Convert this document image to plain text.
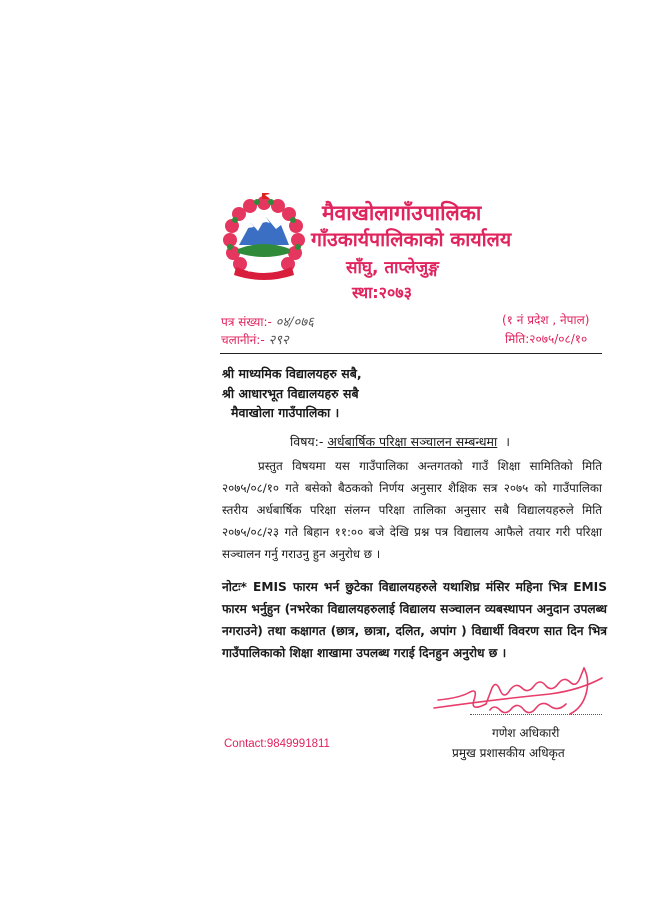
मैवाखोलागाँउपालिका
गाँउकार्यपालिकाको कार्यालय
साँघु, ताप्लेजुङ्ग
स्था:२०७३
पत्र संख्या:- ०४/०७६
चलानीनं:- २९२
(१ नं प्रदेश , नेपाल)
मिति:२०७५/०८/१०
श्री माध्यमिक विद्यालयहरु सबै,
श्री आधारभूत विद्यालयहरु सबै
मैवाखोला गाउँपालिका ।
विषय:- अर्धबार्षिक परिक्षा सञ्चालन सम्बन्धमा ।
प्रस्तुत विषयमा यस गाउँपालिका अन्तगतको गाउँ शिक्षा सामितिको मिति २०७५/०८/१० गते बसेको बैठकको निर्णय अनुसार शैक्षिक सत्र २०७५ को गाउँपालिका स्तरीय अर्धबार्षिक परिक्षा संलग्न परिक्षा तालिका अनुसार सबै विद्यालयहरुले मिति २०७५/०८/२३ गते बिहान ११:०० बजे देखि प्रश्न पत्र विद्यालय आफैले तयार गरी परिक्षा सञ्चालन गर्नु गराउनु हुन अनुरोध छ ।
नोटः* EMIS फारम भर्न छुटेका विद्यालयहरुले यथाशिघ्र मंसिर महिना भित्र EMIS फारम भर्नुहुन (नभरेका विद्यालयहरुलाई विद्यालय सञ्चालन व्यबस्थापन अनुदान उपलब्ध नगराउने) तथा कक्षागत (छात्र, छात्रा, दलित, अपांग ) विद्यार्थी विवरण सात दिन भित्र गाउँपालिकाको शिक्षा शाखामा उपलब्ध गराई दिनहुन अनुरोध छ ।
गणेश अधिकारी
प्रमुख प्रशासकीय अधिकृत
Contact:9849991811
